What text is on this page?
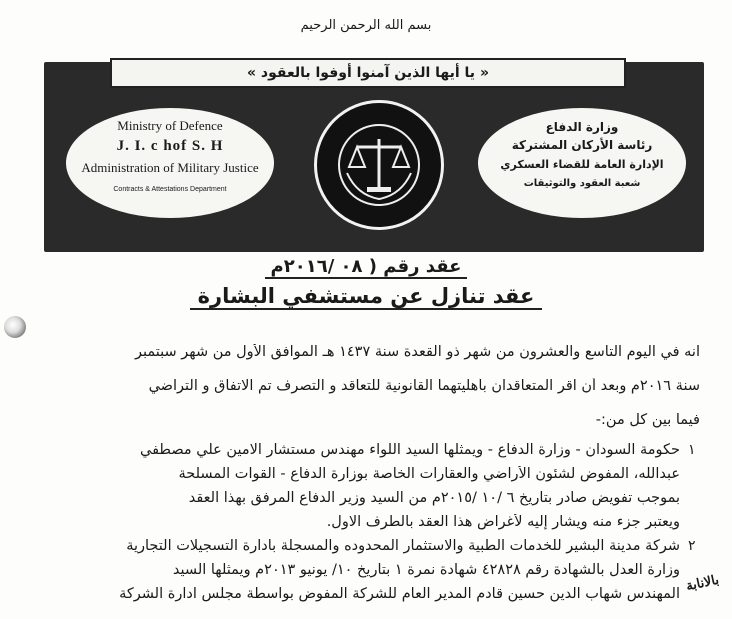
بسم الله الرحمن الرحيم
« يا أيها الذين آمنوا أوفوا بالعقود »
Ministry of Defence
J. I. c hof S. H
Administration of Military Justice
Contracts & Attestations Department
وزارة الدفاع
رئاسة الأركان المشتركة
الإدارة العامة للقضاء العسكري
شعبة العقود والتوثيقات
عقد رقم ( ٠٨ /٢٠١٦م
عقد تنازل عن مستشفي البشارة
انه في اليوم التاسع والعشرون من شهر ذو القعدة سنة ١٤٣٧ هـ الموافق الأول من شهر سبتمبر
سنة ٢٠١٦م وبعد أن اقر المتعاقدان بأهليتهما القانونية للتعاقد و التصرف تم الاتفاق و التراضي
فيما بين كل من:-
١
حكومة السودان - وزارة الدفاع - ويمثلها السيد اللواء مهندس مستشار الامين علي مصطفي
عبدالله، المفوض لشئون الأراضي والعقارات الخاصة بوزارة الدفاع - القوات المسلحة
بموجب تفويض صادر بتاريخ ٦ /١٠ /٢٠١٥م من السيد وزير الدفاع المرفق بهذا العقد
ويعتبر جزء منه ويشار إليه لأغراض هذا العقد بالطرف الاول.
٢
شركة مدينة البشير للخدمات الطبية والاستثمار المحدوده والمسجلة بادارة التسجيلات التجارية
وزارة العدل بالشهادة رقم ٤٢٨٢٨ شهادة نمرة ١ بتاريخ ١٠/ يونيو ٢٠١٣م ويمثلها السيد
المهندس شهاب الدين حسين قادم المدير العام للشركة المفوض بواسطة مجلس ادارة الشركة بالانابة
